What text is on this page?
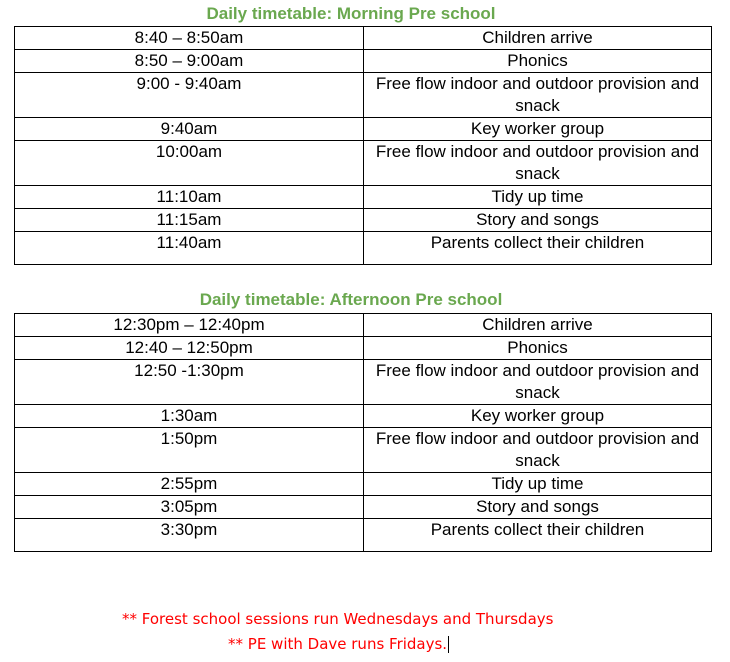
Daily timetable: Morning Pre school
8:40 – 8:50am	Children arrive
8:50 – 9:00am	Phonics
9:00 - 9:40am	Free flow indoor and outdoor provision and snack
9:40am	Key worker group
10:00am	Free flow indoor and outdoor provision and snack
11:10am	Tidy up time
11:15am	Story and songs
11:40am	Parents collect their children
Daily timetable: Afternoon Pre school
12:30pm – 12:40pm	Children arrive
12:40 – 12:50pm	Phonics
12:50 -1:30pm	Free flow indoor and outdoor provision and snack
1:30am	Key worker group
1:50pm	Free flow indoor and outdoor provision and snack
2:55pm	Tidy up time
3:05pm	Story and songs
3:30pm	Parents collect their children
** Forest school sessions run Wednesdays and Thursdays
** PE with Dave runs Fridays.
